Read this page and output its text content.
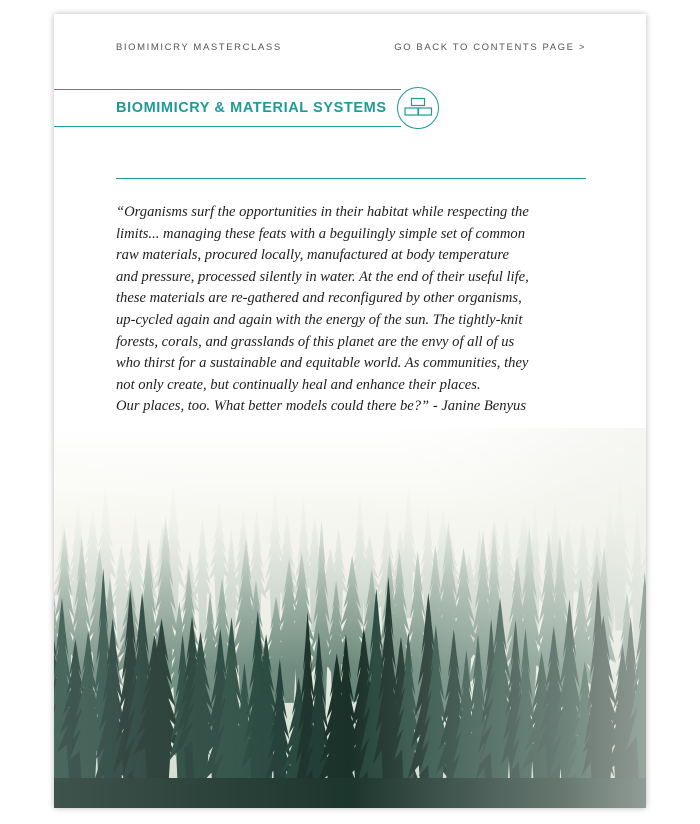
BIOMIMICRY MASTERCLASS	GO BACK TO CONTENTS PAGE >
BIOMIMICRY & MATERIAL SYSTEMS
“Organisms surf the opportunities in their habitat while respecting the
limits... managing these feats with a beguilingly simple set of common
raw materials, procured locally, manufactured at body temperature
and pressure, processed silently in water. At the end of their useful life,
these materials are re-gathered and reconfigured by other organisms,
up-cycled again and again with the energy of the sun. The tightly-knit
forests, corals, and grasslands of this planet are the envy of all of us
who thirst for a sustainable and equitable world. As communities, they
not only create, but continually heal and enhance their places.
Our places, too. What better models could there be?” - Janine Benyus
